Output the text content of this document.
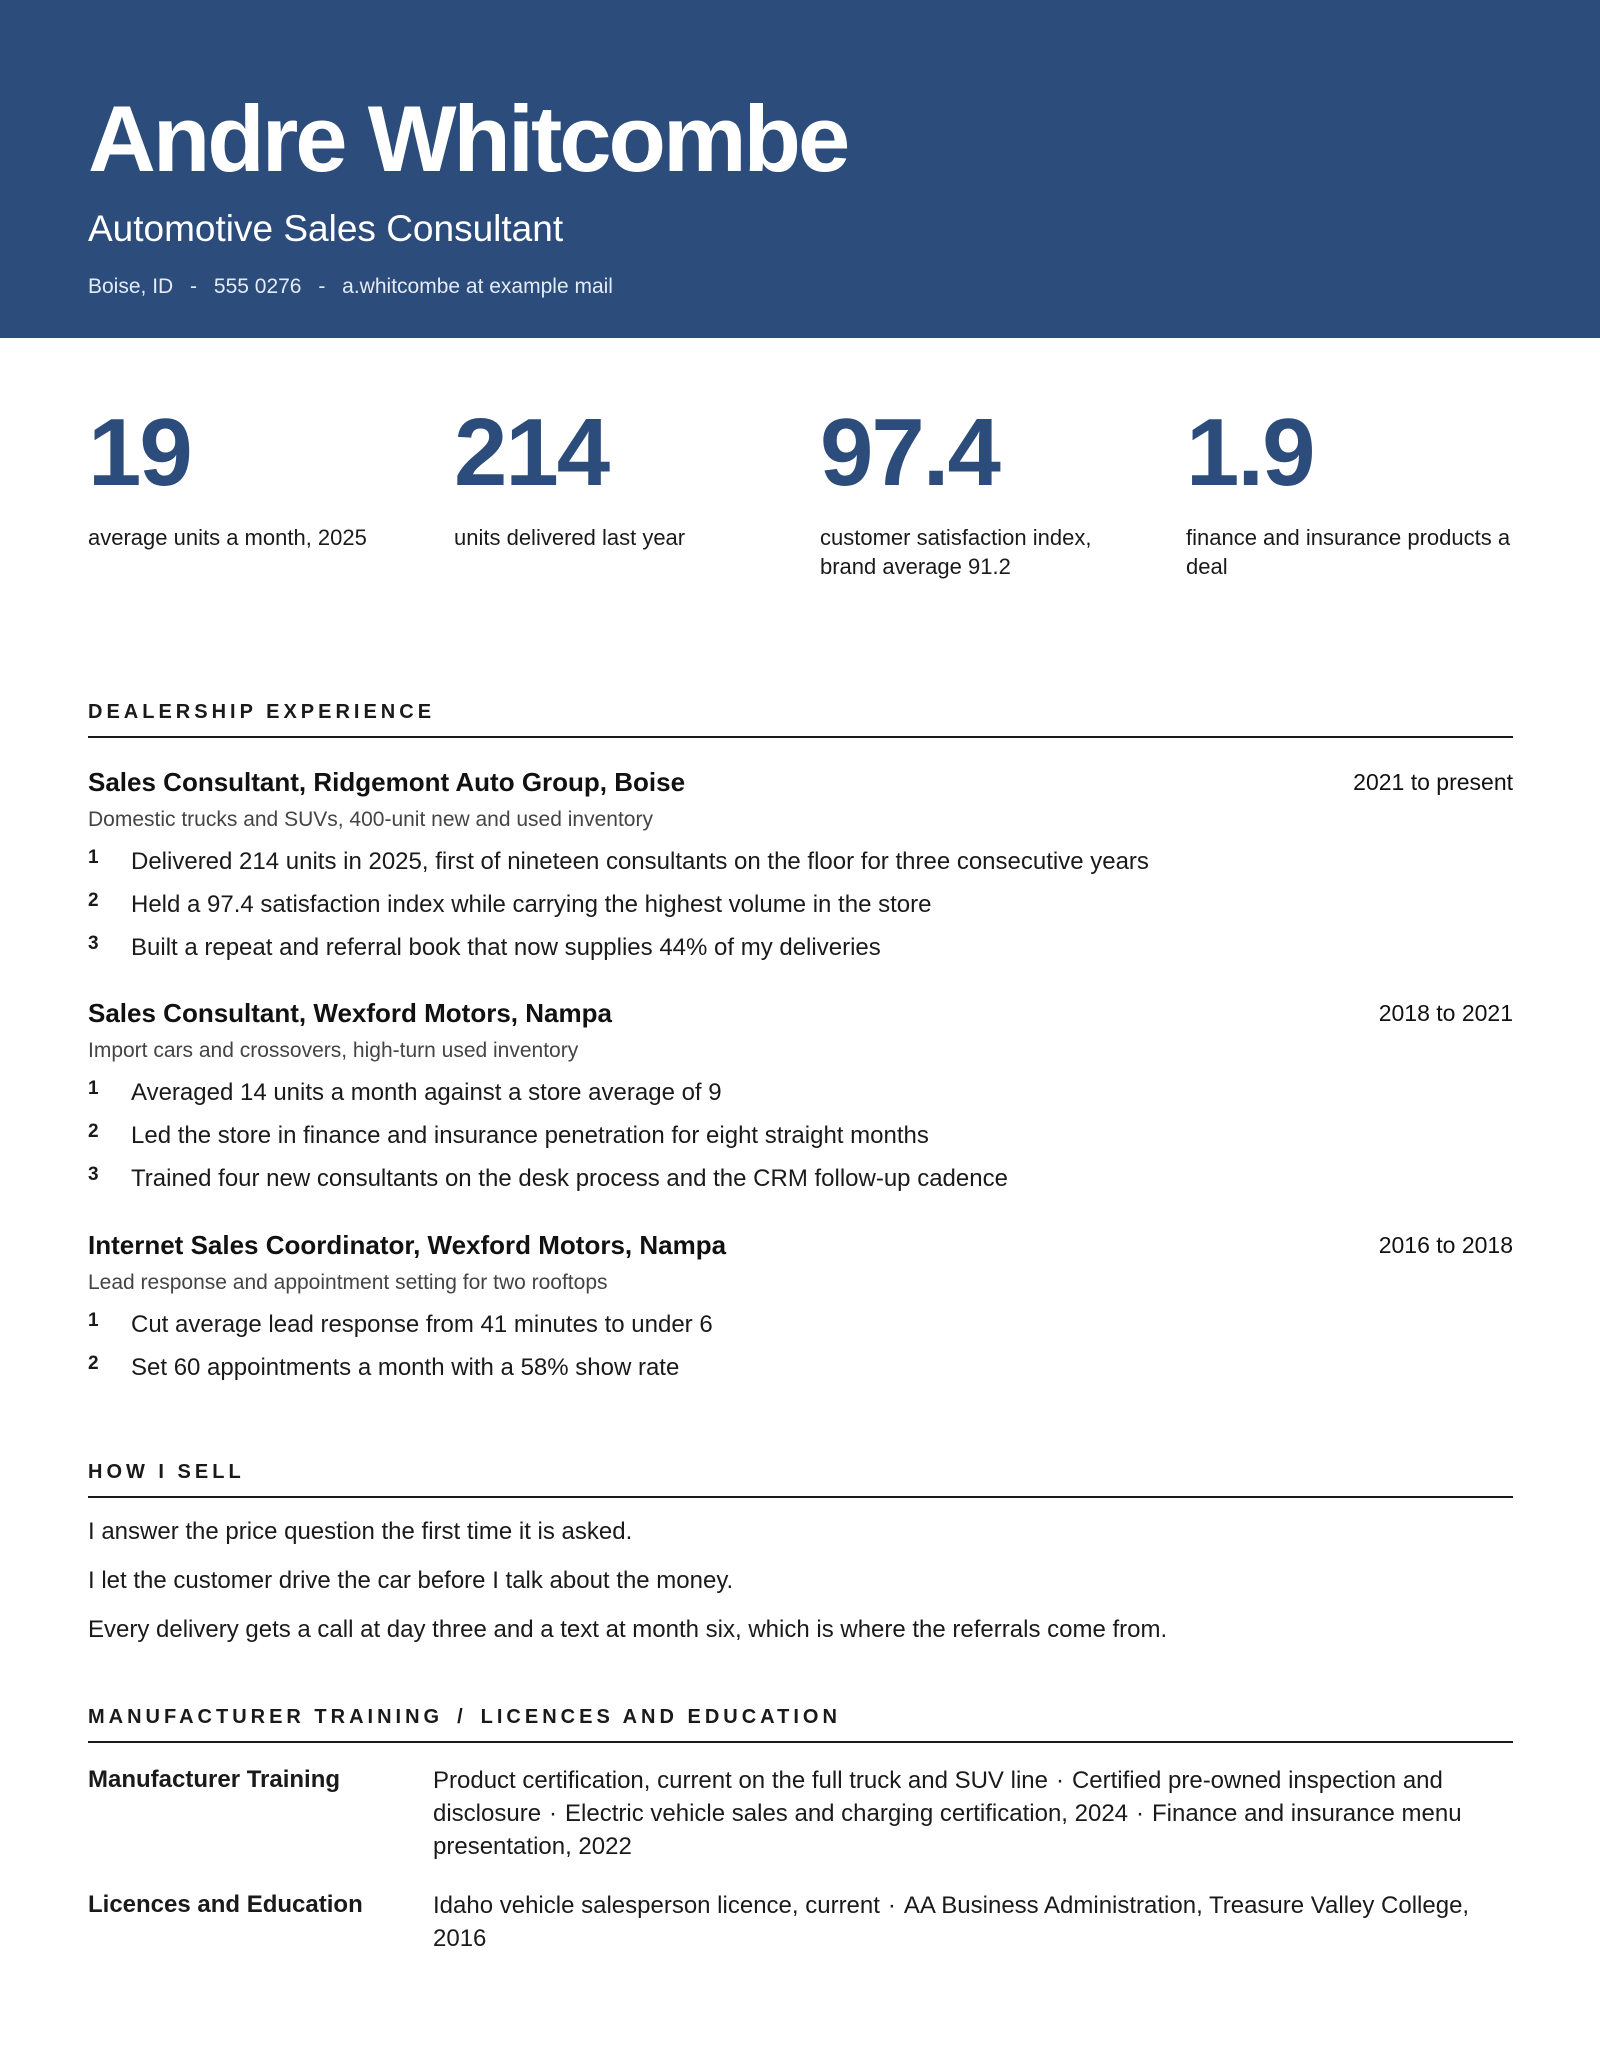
Andre Whitcombe
Automotive Sales Consultant
Boise, ID - 555 0276 - a.whitcombe at example mail
19
average units a month, 2025
214
units delivered last year
97.4
customer satisfaction index, brand average 91.2
1.9
finance and insurance products a deal
DEALERSHIP EXPERIENCE
Sales Consultant, Ridgemont Auto Group, Boise	2021 to present
Domestic trucks and SUVs, 400-unit new and used inventory
1 Delivered 214 units in 2025, first of nineteen consultants on the floor for three consecutive years
2 Held a 97.4 satisfaction index while carrying the highest volume in the store
3 Built a repeat and referral book that now supplies 44% of my deliveries
Sales Consultant, Wexford Motors, Nampa	2018 to 2021
Import cars and crossovers, high-turn used inventory
1 Averaged 14 units a month against a store average of 9
2 Led the store in finance and insurance penetration for eight straight months
3 Trained four new consultants on the desk process and the CRM follow-up cadence
Internet Sales Coordinator, Wexford Motors, Nampa	2016 to 2018
Lead response and appointment setting for two rooftops
1 Cut average lead response from 41 minutes to under 6
2 Set 60 appointments a month with a 58% show rate
HOW I SELL

I answer the price question the first time it is asked.

I let the customer drive the car before I talk about the money.

Every delivery gets a call at day three and a text at month six, which is where the referrals come from.

MANUFACTURER TRAINING / LICENCES AND EDUCATION
Manufacturer Training	Product certification, current on the full truck and SUV line · Certified pre-owned inspection and disclosure · Electric vehicle sales and charging certification, 2024 · Finance and insurance menu presentation, 2022
Licences and Education	Idaho vehicle salesperson licence, current · AA Business Administration, Treasure Valley College, 2016
